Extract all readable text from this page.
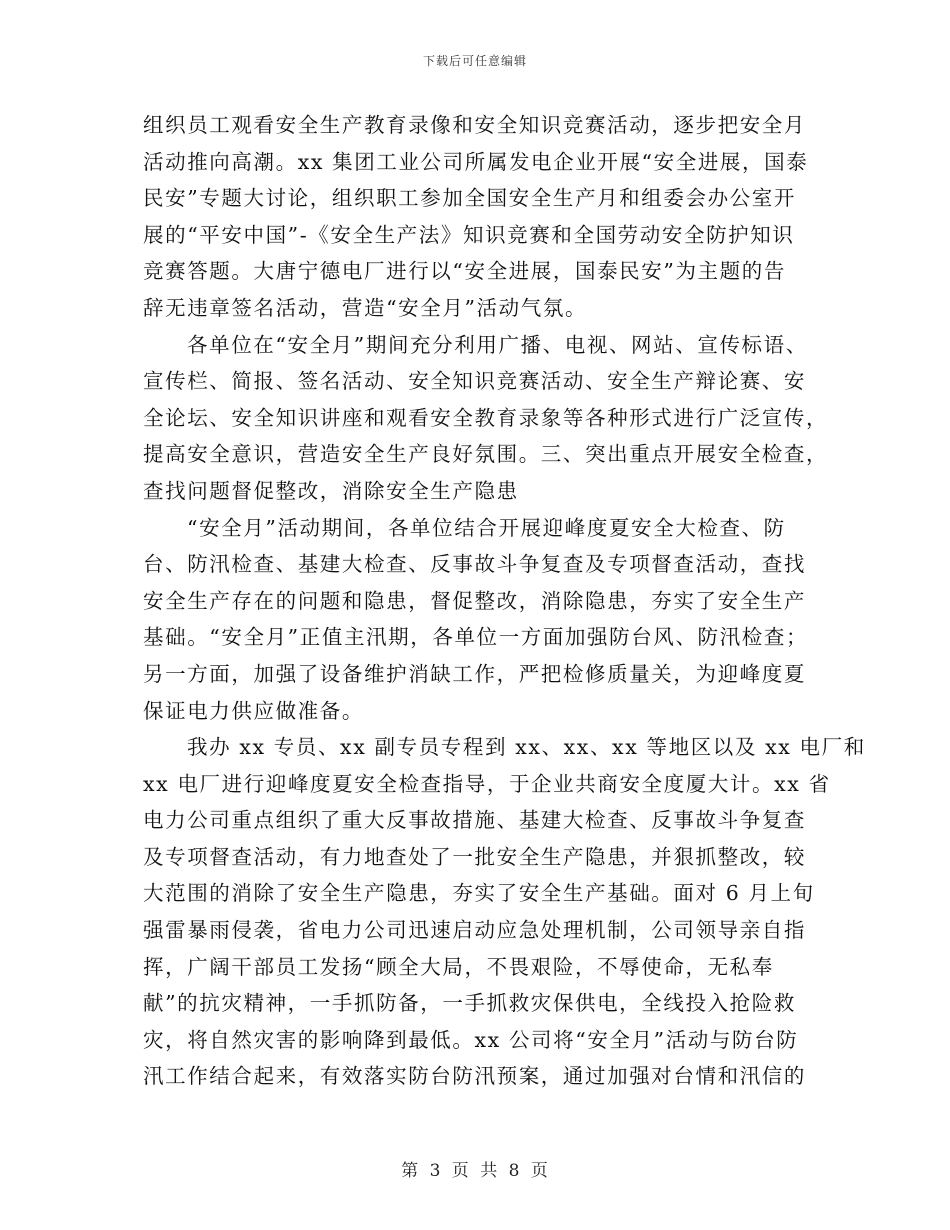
下载后可任意编辑
组织员工观看安全生产教育录像和安全知识竞赛活动，逐步把安全月
活动推向高潮。xx 集团工业公司所属发电企业开展“安全进展，国泰
民安”专题大讨论，组织职工参加全国安全生产月和组委会办公室开
展的“平安中国”-《安全生产法》知识竞赛和全国劳动安全防护知识
竞赛答题。大唐宁德电厂进行以“安全进展，国泰民安”为主题的告
辞无违章签名活动，营造“安全月”活动气氛。
各单位在“安全月”期间充分利用广播、电视、网站、宣传标语、
宣传栏、简报、签名活动、安全知识竞赛活动、安全生产辩论赛、安
全论坛、安全知识讲座和观看安全教育录象等各种形式进行广泛宣传，
提高安全意识，营造安全生产良好氛围。三、突出重点开展安全检查，
查找问题督促整改，消除安全生产隐患
“安全月”活动期间，各单位结合开展迎峰度夏安全大检查、防
台、防汛检查、基建大检查、反事故斗争复查及专项督查活动，查找
安全生产存在的问题和隐患，督促整改，消除隐患，夯实了安全生产
基础。“安全月”正值主汛期，各单位一方面加强防台风、防汛检查；
另一方面，加强了设备维护消缺工作，严把检修质量关，为迎峰度夏
保证电力供应做准备。
我办 xx 专员、xx 副专员专程到 xx、xx、xx 等地区以及 xx 电厂和
xx 电厂进行迎峰度夏安全检查指导，于企业共商安全度厦大计。xx 省
电力公司重点组织了重大反事故措施、基建大检查、反事故斗争复查
及专项督查活动，有力地查处了一批安全生产隐患，并狠抓整改，较
大范围的消除了安全生产隐患，夯实了安全生产基础。面对 6 月上旬
强雷暴雨侵袭，省电力公司迅速启动应急处理机制，公司领导亲自指
挥，广阔干部员工发扬“顾全大局，不畏艰险，不辱使命，无私奉
献”的抗灾精神，一手抓防备，一手抓救灾保供电，全线投入抢险救
灾，将自然灾害的影响降到最低。xx 公司将“安全月”活动与防台防
汛工作结合起来，有效落实防台防汛预案，通过加强对台情和汛信的
第 3 页 共 8 页
